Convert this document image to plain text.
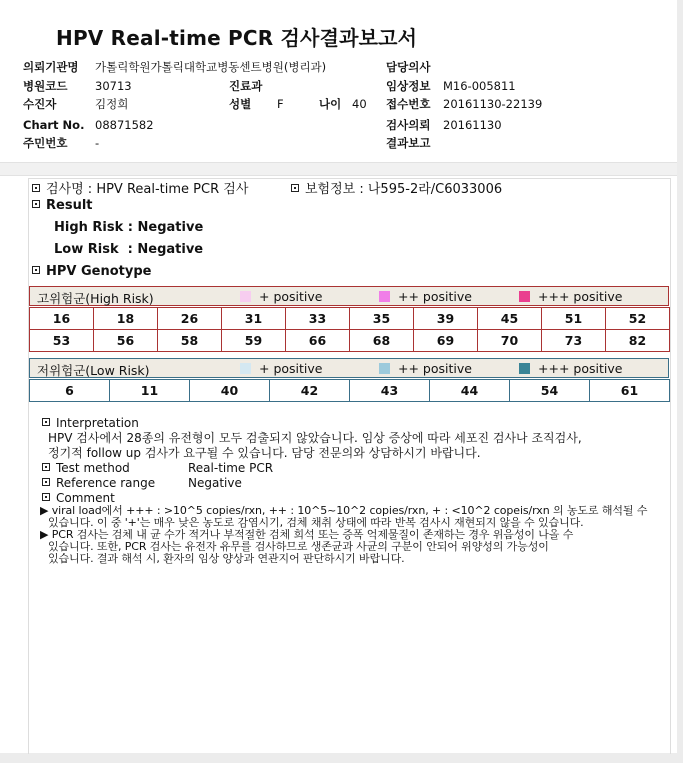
HPV Real-time PCR 검사결과보고서
의뢰기관명 가톨릭학원가톨릭대학교병동센트병원(병리과)	담당의사
병원코드 30713	진료과	임상정보 M16-005811
수진자	김정희	성별 F	나이 40 접수번호 20161130-22139
Chart No. 08871582	검사의뢰 20161130
주민번호 -	결과보고
검사명 : HPV Real-time PCR 검사	보험정보 : 나595-2라/C6033006
Result
High Risk : Negative
Low Risk  : Negative
HPV Genotype
고위험군(High Risk)	+ positive	++ positive	+++ positive
16	18	26	31	33	35	39	45	51	52
53	56	58	59	66	68	69	70	73	82
저위험군(Low Risk)	+ positive	++ positive	+++ positive
6	11	40	42	43	44	54	61
Interpretation
HPV 검사에서 28종의 유전형이 모두 검출되지 않았습니다. 임상 증상에 따라 세포진 검사나 조직검사,
정기적 follow up 검사가 요구될 수 있습니다. 담당 전문의와 상담하시기 바랍니다.
Test method	Real-time PCR
Reference range	Negative
Comment
▶ viral load에서 +++ : >10^5 copies/rxn, ++ : 10^5~10^2 copies/rxn, + : <10^2 copeis/rxn 의 농도로 해석될 수
있습니다. 이 중 '+'는 매우 낮은 농도로 감염시기, 검체 채취 상태에 따라 반복 검사시 재현되지 않을 수 있습니다.
▶ PCR 검사는 검체 내 균 수가 적거나 부적절한 검체 희석 또는 증폭 억제물질이 존재하는 경우 위음성이 나올 수
있습니다. 또한, PCR 검사는 유전자 유무를 검사하므로 생존균과 사균의 구분이 안되어 위양성의 가능성이
있습니다. 결과 해석 시, 환자의 임상 양상과 연관지어 판단하시기 바랍니다.
